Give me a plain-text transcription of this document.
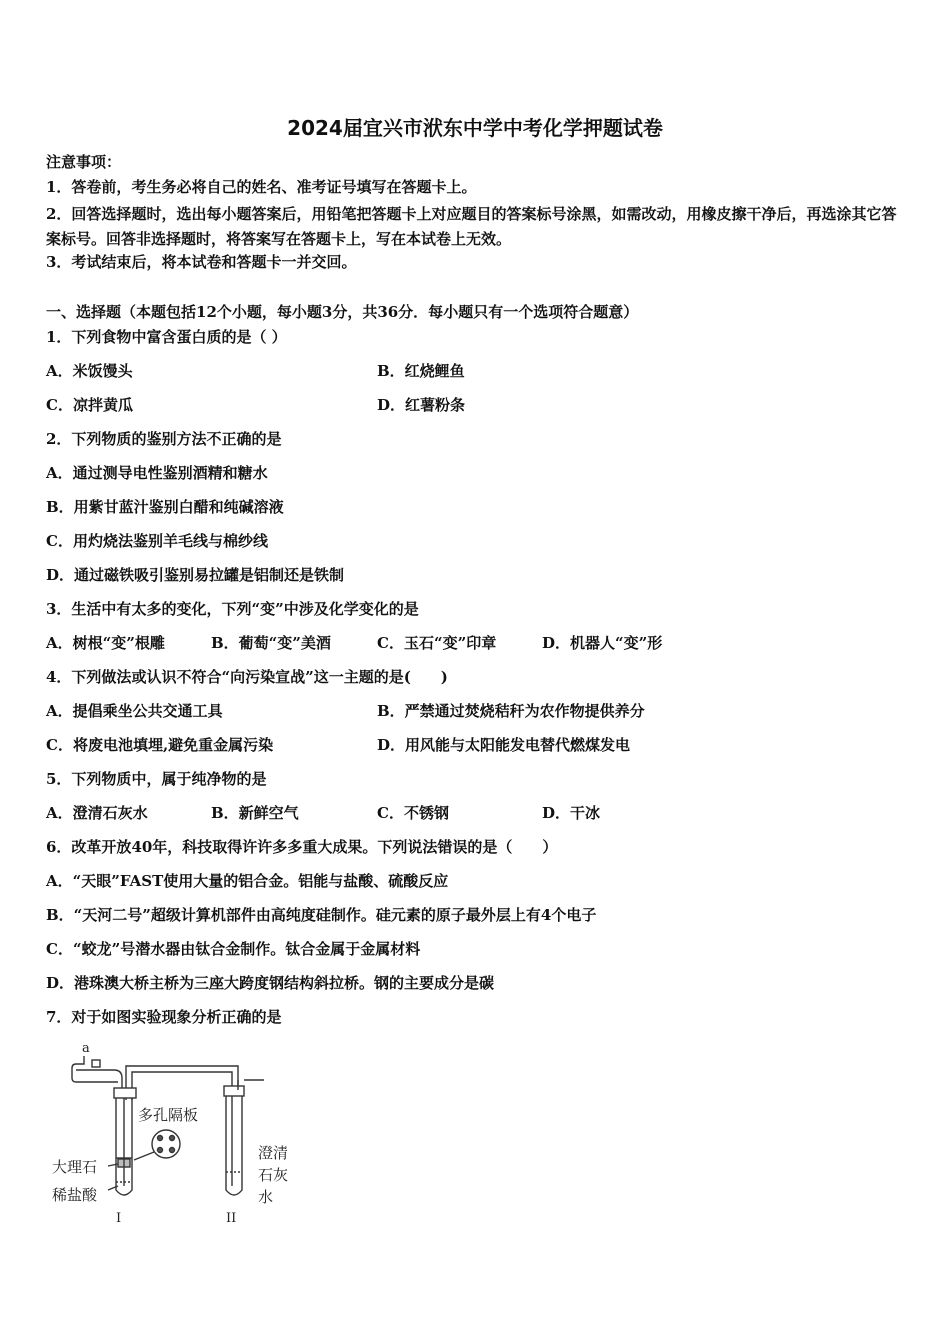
2024届宜兴市洑东中学中考化学押题试卷
注意事项：
1．答卷前，考生务必将自己的姓名、准考证号填写在答题卡上。
2．回答选择题时，选出每小题答案后，用铅笔把答题卡上对应题目的答案标号涂黑，如需改动，用橡皮擦干净后，再选涂其它答案标号。回答非选择题时，将答案写在答题卡上，写在本试卷上无效。
3．考试结束后，将本试卷和答题卡一并交回。
一、选择题（本题包括12个小题，每小题3分，共36分．每小题只有一个选项符合题意）
1．下列食物中富含蛋白质的是（ ）
A．米饭馒头	B．红烧鲤鱼
C．凉拌黄瓜	D．红薯粉条
2．下列物质的鉴别方法不正确的是
A．通过测导电性鉴别酒精和糖水
B．用紫甘蓝汁鉴别白醋和纯碱溶液
C．用灼烧法鉴别羊毛线与棉纱线
D．通过磁铁吸引鉴别易拉罐是铝制还是铁制
3．生活中有太多的变化，下列“变”中涉及化学变化的是
A．树根“变”根雕	B．葡萄“变”美酒	C．玉石“变”印章	D．机器人“变”形
4．下列做法或认识不符合“向污染宣战”这一主题的是(　　)
A．提倡乘坐公共交通工具	B．严禁通过焚烧秸秆为农作物提供养分
C．将废电池填埋,避免重金属污染	D．用风能与太阳能发电替代燃煤发电
5．下列物质中，属于纯净物的是
A．澄清石灰水	B．新鲜空气	C．不锈钢	D．干冰
6．改革开放40年，科技取得许许多多重大成果。下列说法错误的是（　　）
A．“天眼”FAST使用大量的铝合金。铝能与盐酸、硫酸反应
B．“天河二号”超级计算机部件由高纯度硅制作。硅元素的原子最外层上有4个电子
C．“蛟龙”号潜水器由钛合金制作。钛合金属于金属材料
D．港珠澳大桥主桥为三座大跨度钢结构斜拉桥。钢的主要成分是碳
7．对于如图实验现象分析正确的是
a
多孔隔板
大理石
稀盐酸
澄清
石灰
水
I	II
